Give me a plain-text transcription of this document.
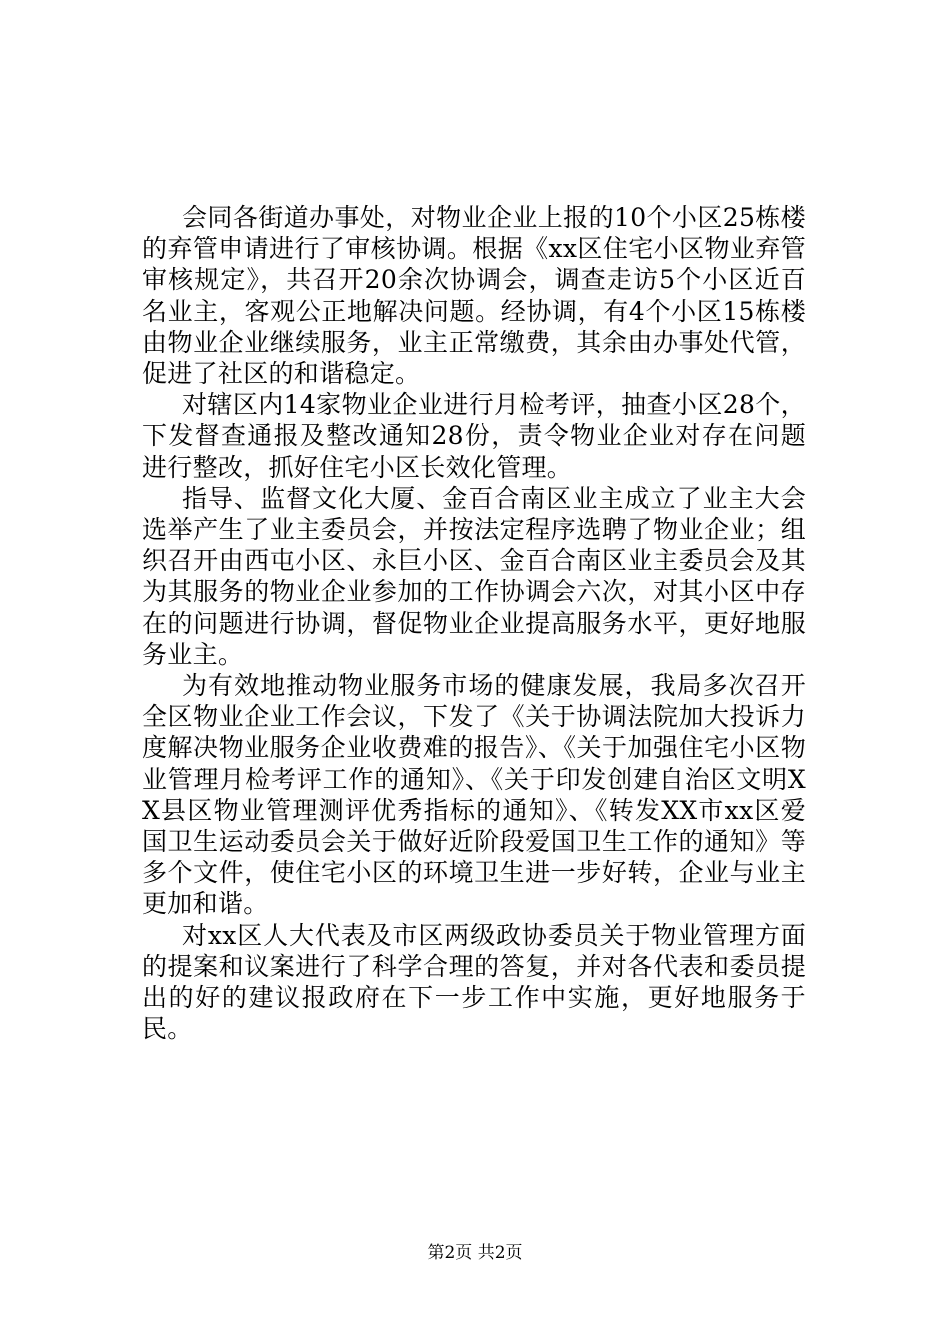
会同各街道办事处，对物业企业上报的10个小区25栋楼的弃管申请进行了审核协调。根据《xx区住宅小区物业弃管审核规定》，共召开20余次协调会，调查走访5个小区近百名业主，客观公正地解决问题。经协调，有4个小区15栋楼由物业企业继续服务，业主正常缴费，其余由办事处代管，促进了社区的和谐稳定。

对辖区内14家物业企业进行月检考评，抽查小区28个，下发督查通报及整改通知28份，责令物业企业对存在问题进行整改，抓好住宅小区长效化管理。

指导、监督文化大厦、金百合南区业主成立了业主大会选举产生了业主委员会，并按法定程序选聘了物业企业；组织召开由西屯小区、永巨小区、金百合南区业主委员会及其为其服务的物业企业参加的工作协调会六次，对其小区中存在的问题进行协调，督促物业企业提高服务水平，更好地服务业主。

为有效地推动物业服务市场的健康发展，我局多次召开全区物业企业工作会议，下发了《关于协调法院加大投诉力度解决物业服务企业收费难的报告》、《关于加强住宅小区物业管理月检考评工作的通知》、《关于印发创建自治区文明XX县区物业管理测评优秀指标的通知》、《转发XX市xx区爱国卫生运动委员会关于做好近阶段爱国卫生工作的通知》等多个文件，使住宅小区的环境卫生进一步好转，企业与业主更加和谐。

对xx区人大代表及市区两级政协委员关于物业管理方面的提案和议案进行了科学合理的答复，并对各代表和委员提出的好的建议报政府在下一步工作中实施，更好地服务于民。

第2页 共2页
